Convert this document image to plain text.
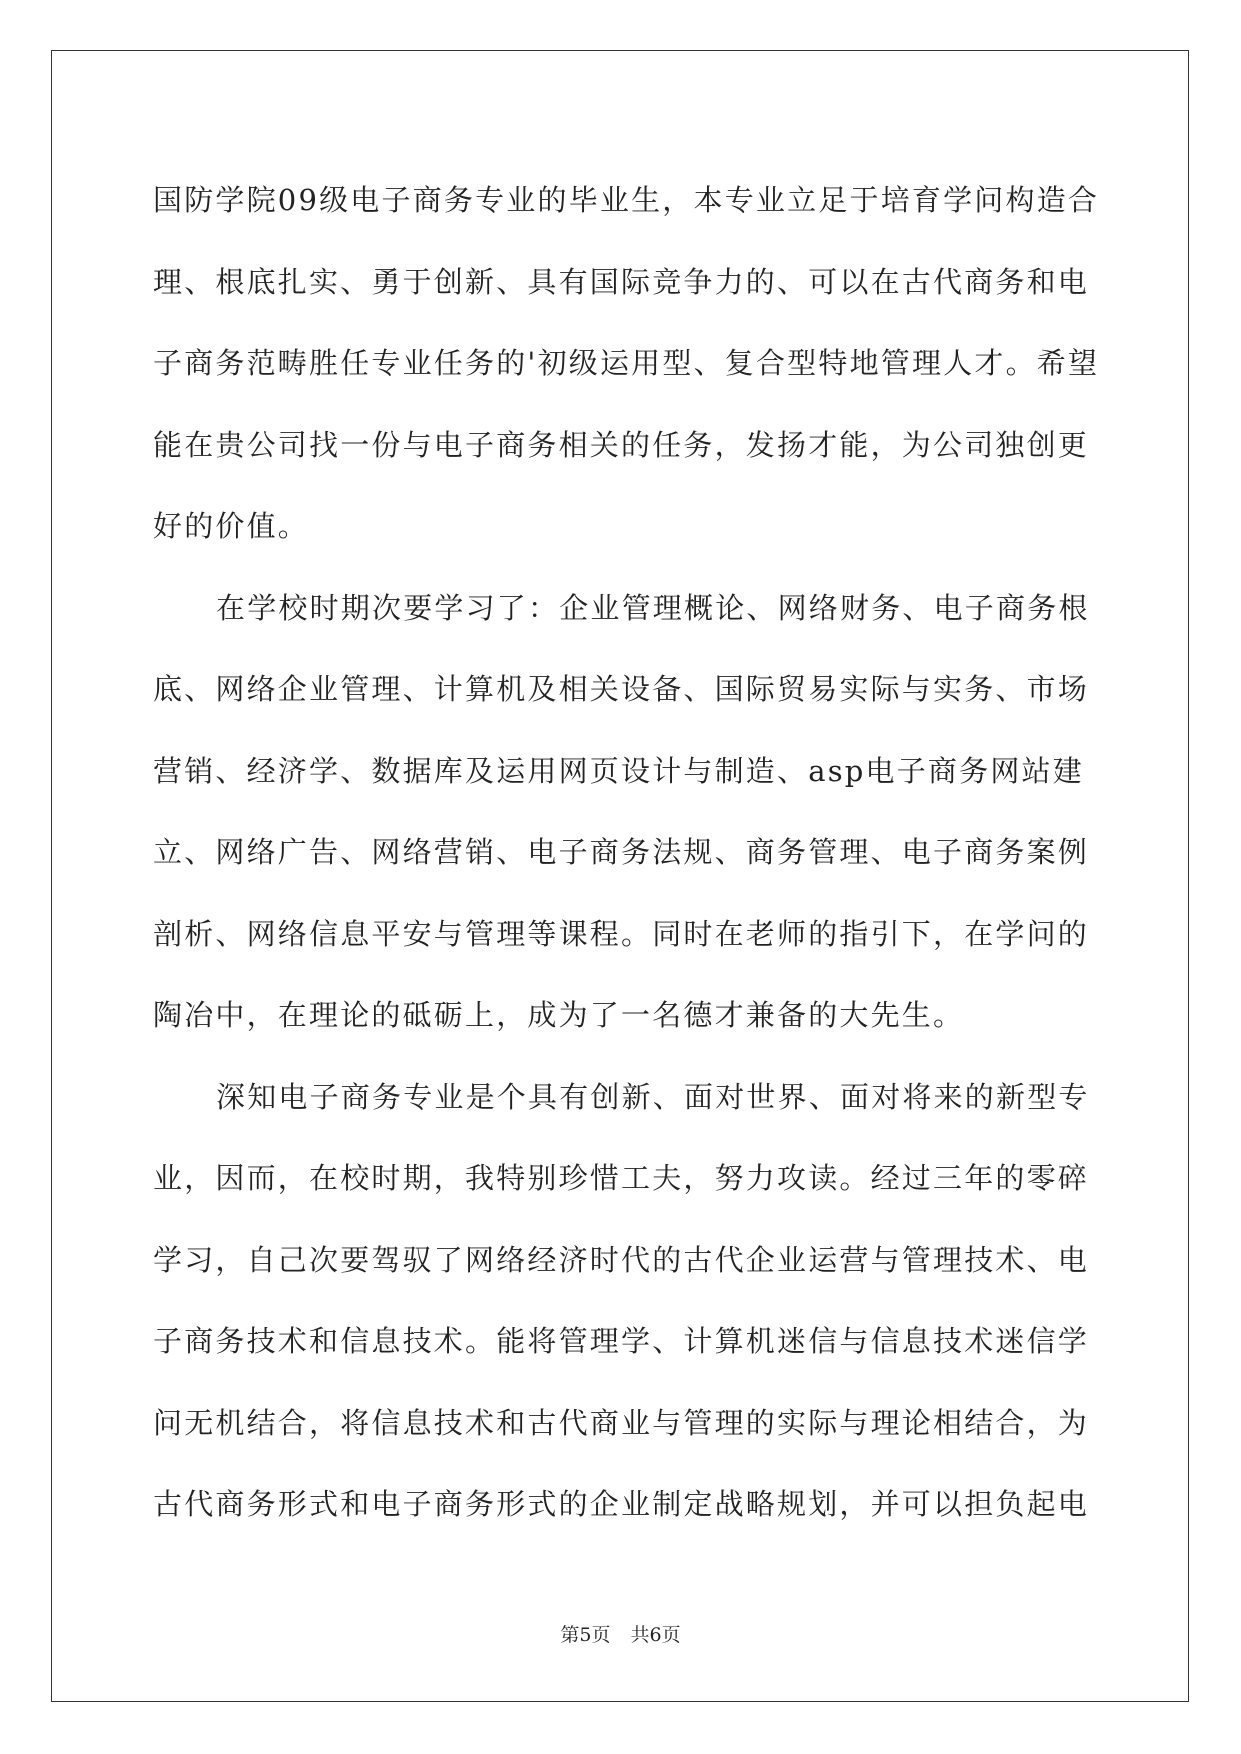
国防学院09级电子商务专业的毕业生，本专业立足于培育学问构造合
理、根底扎实、勇于创新、具有国际竞争力的、可以在古代商务和电
子商务范畴胜任专业任务的'初级运用型、复合型特地管理人才。希望
能在贵公司找一份与电子商务相关的任务，发扬才能，为公司独创更
好的价值。
在学校时期次要学习了：企业管理概论、网络财务、电子商务根
底、网络企业管理、计算机及相关设备、国际贸易实际与实务、市场
营销、经济学、数据库及运用网页设计与制造、asp电子商务网站建
立、网络广告、网络营销、电子商务法规、商务管理、电子商务案例
剖析、网络信息平安与管理等课程。同时在老师的指引下，在学问的
陶冶中，在理论的砥砺上，成为了一名德才兼备的大先生。
深知电子商务专业是个具有创新、面对世界、面对将来的新型专
业，因而，在校时期，我特别珍惜工夫，努力攻读。经过三年的零碎
学习，自己次要驾驭了网络经济时代的古代企业运营与管理技术、电
子商务技术和信息技术。能将管理学、计算机迷信与信息技术迷信学
问无机结合，将信息技术和古代商业与管理的实际与理论相结合，为
古代商务形式和电子商务形式的企业制定战略规划，并可以担负起电
第5页 共6页
